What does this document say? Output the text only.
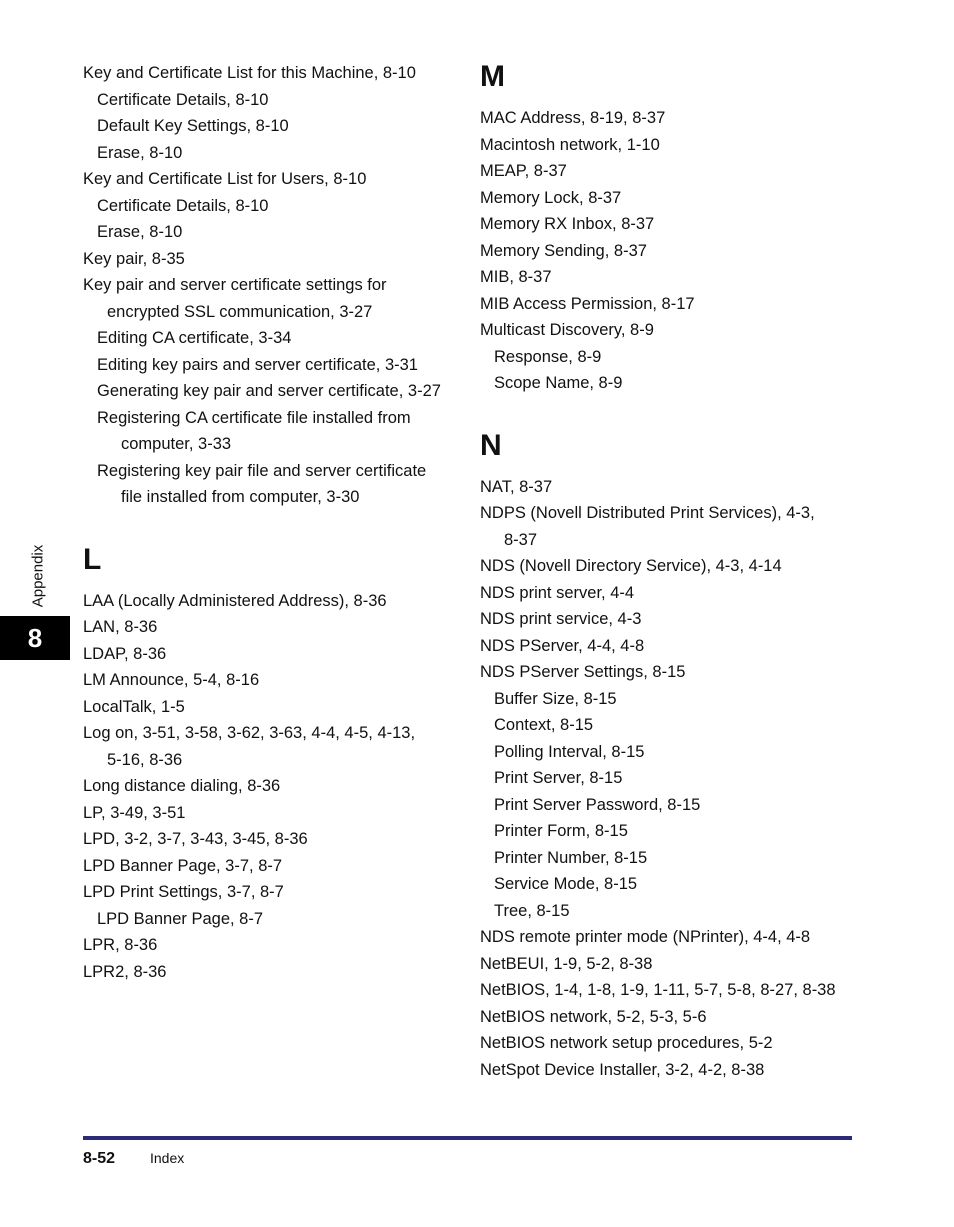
Key and Certificate List for this Machine, 8-10
Certificate Details, 8-10
Default Key Settings, 8-10
Erase, 8-10
Key and Certificate List for Users, 8-10
Certificate Details, 8-10
Erase, 8-10
Key pair, 8-35
Key pair and server certificate settings for
encrypted SSL communication, 3-27
Editing CA certificate, 3-34
Editing key pairs and server certificate, 3-31
Generating key pair and server certificate, 3-27
Registering CA certificate file installed from
computer, 3-33
Registering key pair file and server certificate
file installed from computer, 3-30
L
LAA (Locally Administered Address), 8-36
LAN, 8-36
LDAP, 8-36
LM Announce, 5-4, 8-16
LocalTalk, 1-5
Log on, 3-51, 3-58, 3-62, 3-63, 4-4, 4-5, 4-13,
5-16, 8-36
Long distance dialing, 8-36
LP, 3-49, 3-51
LPD, 3-2, 3-7, 3-43, 3-45, 8-36
LPD Banner Page, 3-7, 8-7
LPD Print Settings, 3-7, 8-7
LPD Banner Page, 8-7
LPR, 8-36
LPR2, 8-36
M
MAC Address, 8-19, 8-37
Macintosh network, 1-10
MEAP, 8-37
Memory Lock, 8-37
Memory RX Inbox, 8-37
Memory Sending, 8-37
MIB, 8-37
MIB Access Permission, 8-17
Multicast Discovery, 8-9
Response, 8-9
Scope Name, 8-9
N
NAT, 8-37
NDPS (Novell Distributed Print Services), 4-3,
8-37
NDS (Novell Directory Service), 4-3, 4-14
NDS print server, 4-4
NDS print service, 4-3
NDS PServer, 4-4, 4-8
NDS PServer Settings, 8-15
Buffer Size, 8-15
Context, 8-15
Polling Interval, 8-15
Print Server, 8-15
Print Server Password, 8-15
Printer Form, 8-15
Printer Number, 8-15
Service Mode, 8-15
Tree, 8-15
NDS remote printer mode (NPrinter), 4-4, 4-8
NetBEUI, 1-9, 5-2, 8-38
NetBIOS, 1-4, 1-8, 1-9, 1-11, 5-7, 5-8, 8-27, 8-38
NetBIOS network, 5-2, 5-3, 5-6
NetBIOS network setup procedures, 5-2
NetSpot Device Installer, 3-2, 4-2, 8-38
Appendix
8
8-52 Index
